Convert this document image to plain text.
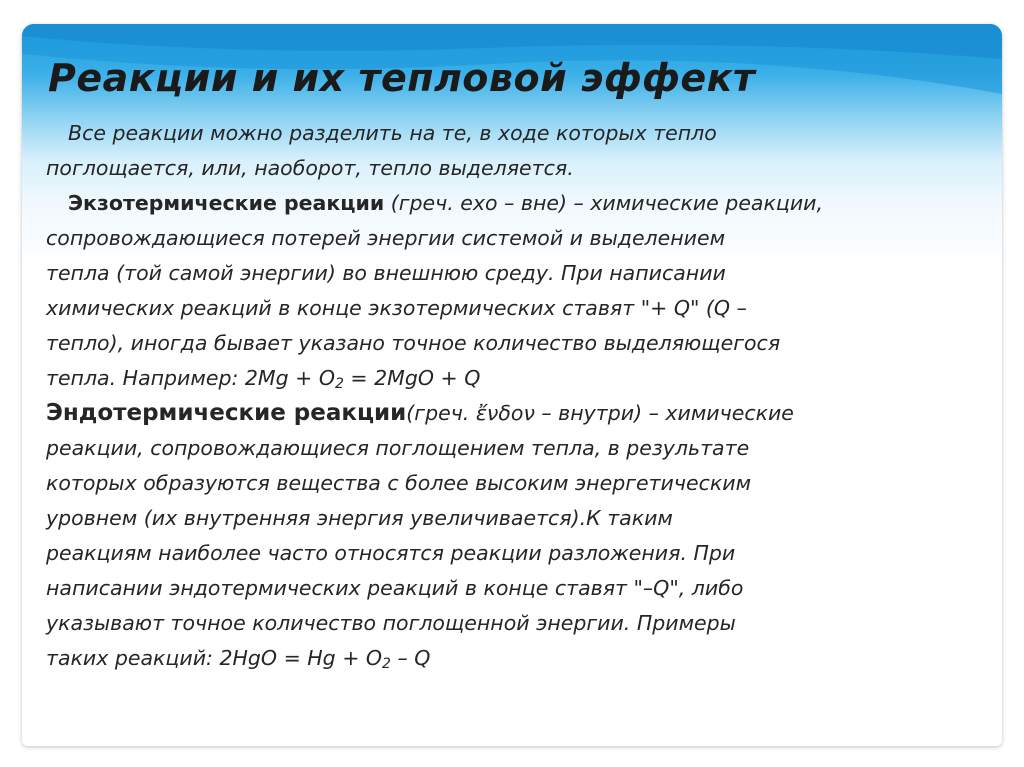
Реакции и их тепловой эффект
Все реакции можно разделить на те, в ходе которых тепло
поглощается, или, наоборот, тепло выделяется.
Экзотермические реакции (греч. exo – вне) – химические реакции,
сопровождающиеся потерей энергии системой и выделением
тепла (той самой энергии) во внешнюю среду. При написании
химических реакций в конце экзотермических ставят "+ Q" (Q –
тепло), иногда бывает указано точное количество выделяющегося
тепла. Например: $2Mg + O_2 = 2MgO + Q$
Эндотермические реакции(греч. ἔνδον – внутри) – химические
реакции, сопровождающиеся поглощением тепла, в результате
которых образуются вещества с более высоким энергетическим
уровнем (их внутренняя энергия увеличивается).К таким
реакциям наиболее часто относятся реакции разложения. При
написании эндотермических реакций в конце ставят "–Q", либо
указывают точное количество поглощенной энергии. Примеры
таких реакций: $2HgO = Hg + O_2 - Q$
